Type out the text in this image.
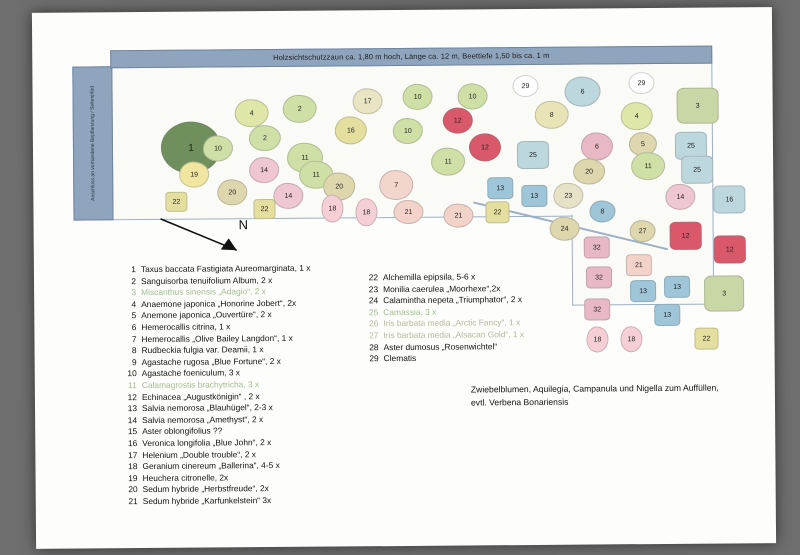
Anschluss an vorhandene Bepflanzung / Seitenpfad
Holzsichtschutzzaun ca. 1,80 m hoch, Länge ca. 12 m, Beettiefe 1,50 bis ca. 1 m
1
4
2
17
10	10
29
6
29
3
10
2
16	10
12
8	4
11
12
25
6	5	25
19
14
11
11
20
11
25
20
14
20	7	13
13	23	14	16
22
22	18
18	21
21	22	8
24	27
12
32	12
21
32
13
13
3
32
13
18	18	22
N
1 Taxus baccata Fastigiata Aureomarginata, 1 x
2 Sanguisorba tenuifolium Album, 2 x
3 Miscanthus sinensis „Adagio“, 2 x
4 Anaemone japonica „Honorine Jobert“, 2x
5 Anemone japonica „Ouvertüre“, 2 x
6 Hemerocallis citrina, 1 x
7 Hemerocallis „Olive Bailey Langdon“, 1 x
8 Rudbeckia fulgia var. Deamii, 1 x
9 Agastache rugosa „Blue Fortune“, 2 x
10 Agastache foeniculum, 3 x
11 Calamagrostis brachytricha, 3 x
12 Echinacea „Augustkönigin“ , 2 x
13 Salvia nemorosa „Blauhügel“, 2-3 x
14 Salvia nemorosa „Amethyst“, 2 x
15 Aster oblongifolius ??
16 Veronica longifolia „Blue John“, 2 x
17 Helenium „Double trouble“, 2 x
18 Geranium cinereum „Ballerina“, 4-5 x
19 Heuchera citronelle, 2x
20 Sedum hybride „Herbstfreude“, 2x
21 Sedum hybride „Karfunkelstein“ 3x
22 Alchemilla epipsila, 5-6 x
23 Monilia caerulea „Moorhexe“,2x
24 Calamintha nepeta „Triumphator“, 2 x
25 Camassia, 3 x
26 Iris barbata media „Arctic Fancy“, 1 x
27 Iris barbata media „Alsacan Gold“, 1 x
28 Aster dumosus „Rosenwichtel“
29 Clematis
Zwiebelblumen, Aquilegia, Campanula und Nigella zum Auffüllen, evtl. Verbena Bonariensis
